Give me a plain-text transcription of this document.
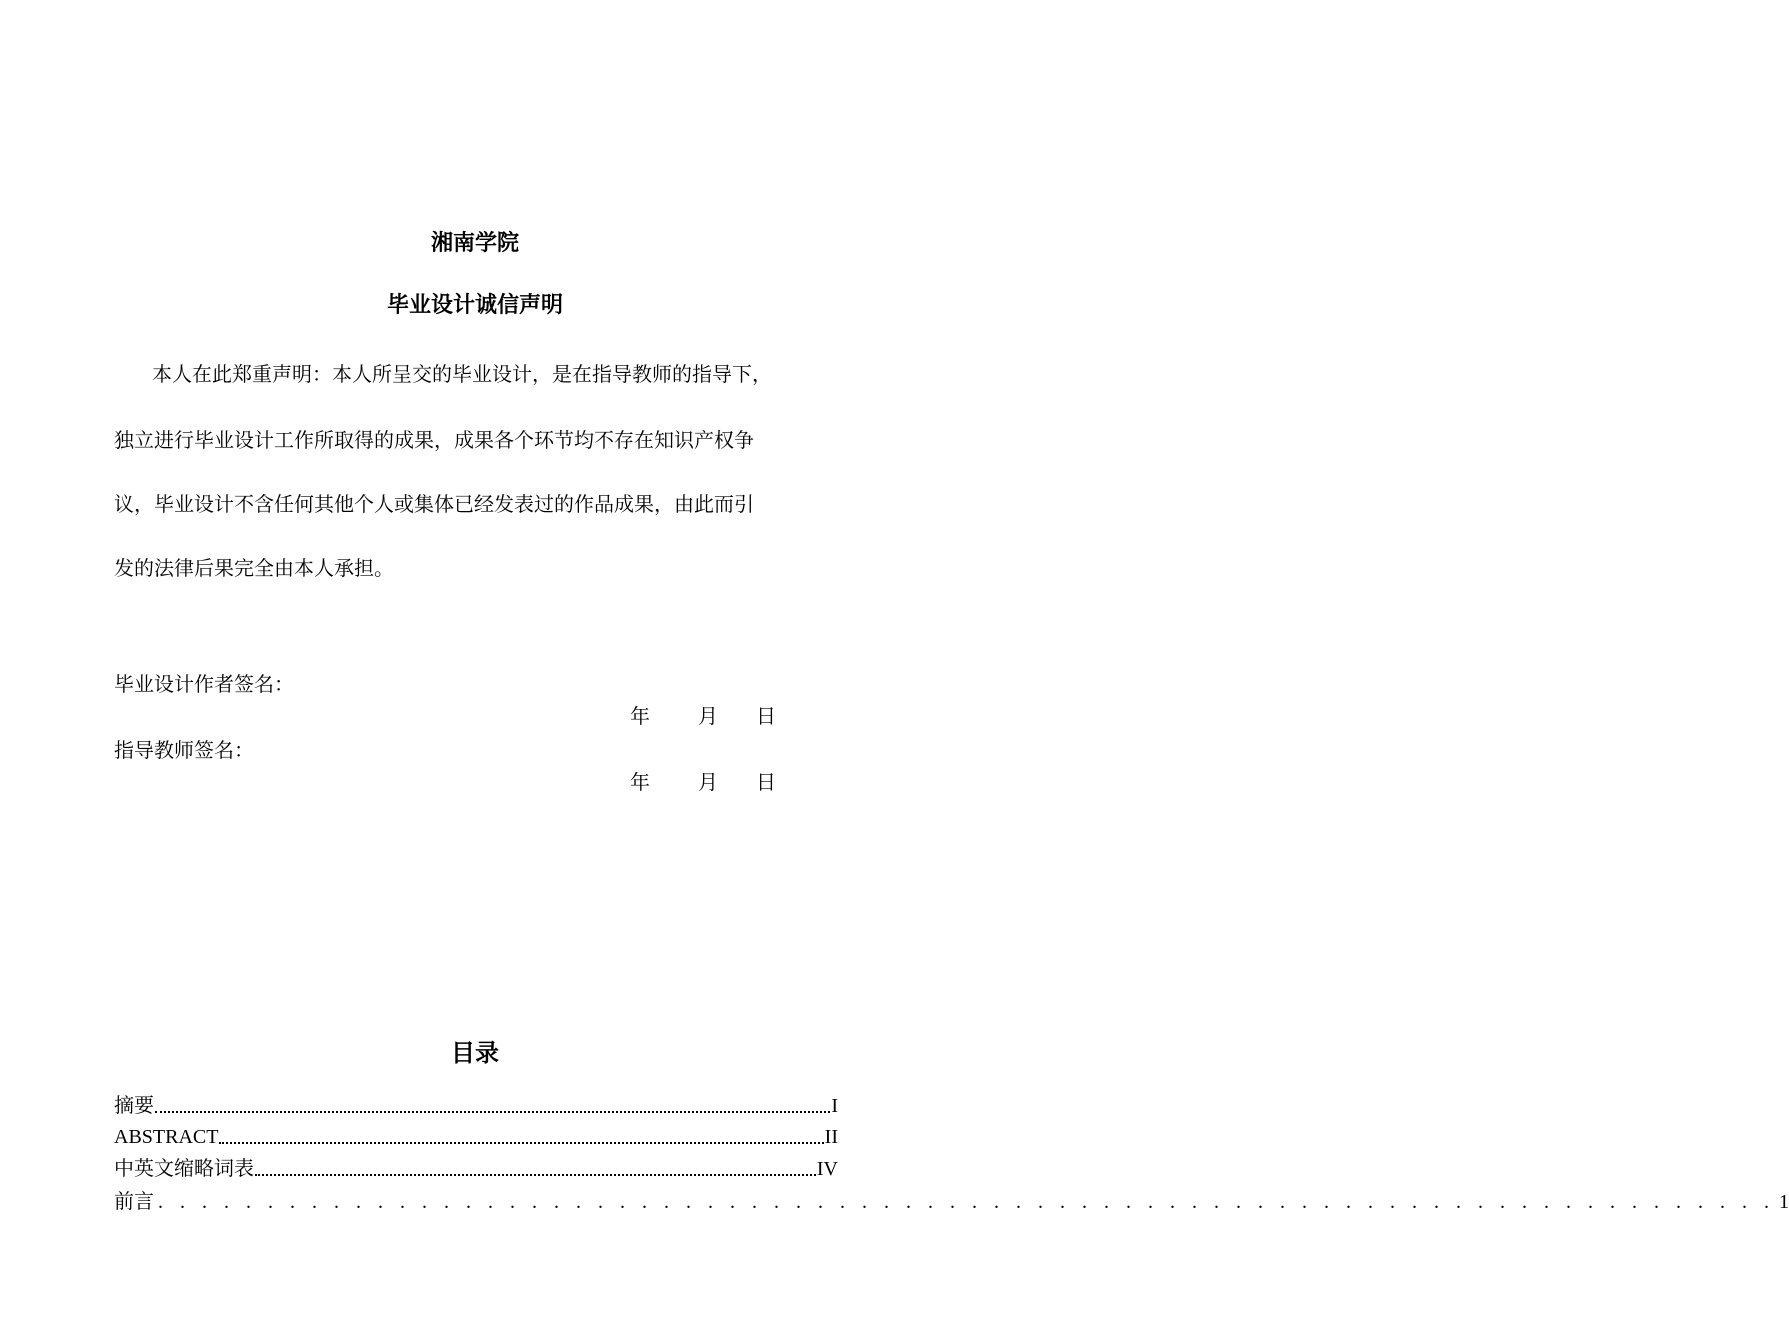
湘南学院
毕业设计诚信声明
本人在此郑重声明：本人所呈交的毕业设计，是在指导教师的指导下，
独立进行毕业设计工作所取得的成果，成果各个环节均不存在知识产权争
议，毕业设计不含任何其他个人或集体已经发表过的作品成果，由此而引
发的法律后果完全由本人承担。
毕业设计作者签名：
年 月 日
指导教师签名：
年 月 日
目录
摘要	I
ABSTRACT	II
中英文缩略词表	IV
前言 . . . . . . . . . . . . . . . . . . . . . . . . . . . . . . . . . . . . . . . . . . . . . . . . . . . . . . . . . . . . . . . . . . . . . . . . . . 1
